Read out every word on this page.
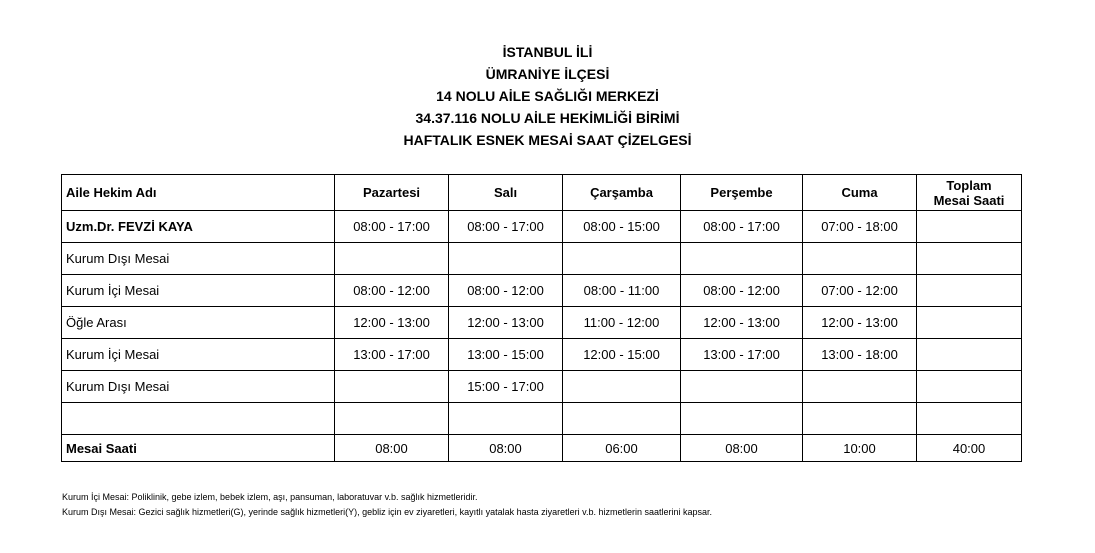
İSTANBUL İLİ

ÜMRANİYE İLÇESİ

14 NOLU AİLE SAĞLIĞI MERKEZİ

34.37.116 NOLU AİLE HEKİMLİĞİ BİRİMİ

HAFTALIK ESNEK MESAİ SAAT ÇİZELGESİ

Aile Hekim Adı	Pazartesi	Salı	Çarşamba	Perşembe	Cuma	Toplam
Mesai Saati
Uzm.Dr. FEVZİ KAYA	08:00 - 17:00	08:00 - 17:00	08:00 - 15:00	08:00 - 17:00	07:00 - 18:00	
Kurum Dışı Mesai						
Kurum İçi Mesai	08:00 - 12:00	08:00 - 12:00	08:00 - 11:00	08:00 - 12:00	07:00 - 12:00	
Öğle Arası	12:00 - 13:00	12:00 - 13:00	11:00 - 12:00	12:00 - 13:00	12:00 - 13:00	
Kurum İçi Mesai	13:00 - 17:00	13:00 - 15:00	12:00 - 15:00	13:00 - 17:00	13:00 - 18:00	
Kurum Dışı Mesai		15:00 - 17:00				

Mesai Saati	08:00	08:00	06:00	08:00	10:00	40:00

Kurum İçi Mesai: Poliklinik, gebe izlem, bebek izlem, aşı, pansuman, laboratuvar v.b. sağlık hizmetleridir.

Kurum Dışı Mesai: Gezici sağlık hizmetleri(G), yerinde sağlık hizmetleri(Y), gebliz için ev ziyaretleri, kayıtlı yatalak hasta ziyaretleri v.b. hizmetlerin saatlerini kapsar.
